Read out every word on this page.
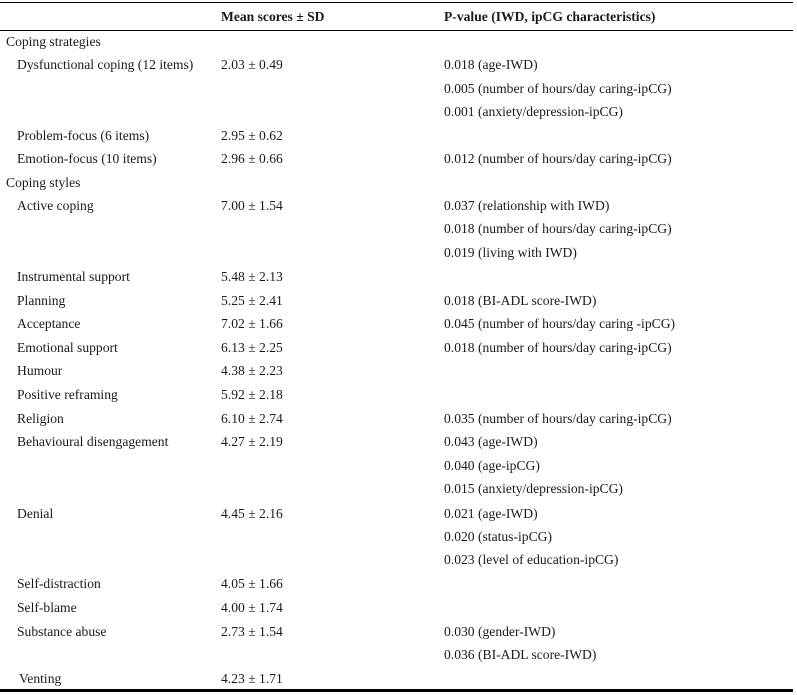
Mean scores ± SD	P-value (IWD, ipCG characteristics)
Coping strategies
Dysfunctional coping (12 items) 2.03 ± 0.49	0.018 (age-IWD)
0.005 (number of hours/day caring-ipCG)
0.001 (anxiety/depression-ipCG)
Problem-focus (6 items)	2.95 ± 0.62
Emotion-focus (10 items)	2.96 ± 0.66	0.012 (number of hours/day caring-ipCG)
Coping styles
Active coping	7.00 ± 1.54	0.037 (relationship with IWD)
0.018 (number of hours/day caring-ipCG)
0.019 (living with IWD)
Instrumental support	5.48 ± 2.13
Planning	5.25 ± 2.41	0.018 (BI-ADL score-IWD)
Acceptance	7.02 ± 1.66	0.045 (number of hours/day caring -ipCG)
Emotional support	6.13 ± 2.25	0.018 (number of hours/day caring-ipCG)
Humour	4.38 ± 2.23
Positive reframing	5.92 ± 2.18
Religion	6.10 ± 2.74	0.035 (number of hours/day caring-ipCG)
Behavioural disengagement	4.27 ± 2.19	0.043 (age-IWD)
0.040 (age-ipCG)
0.015 (anxiety/depression-ipCG)
Denial	4.45 ± 2.16	0.021 (age-IWD)
0.020 (status-ipCG)
0.023 (level of education-ipCG)
Self-distraction	4.05 ± 1.66
Self-blame	4.00 ± 1.74
Substance abuse	2.73 ± 1.54	0.030 (gender-IWD)
0.036 (BI-ADL score-IWD)
Venting	4.23 ± 1.71
